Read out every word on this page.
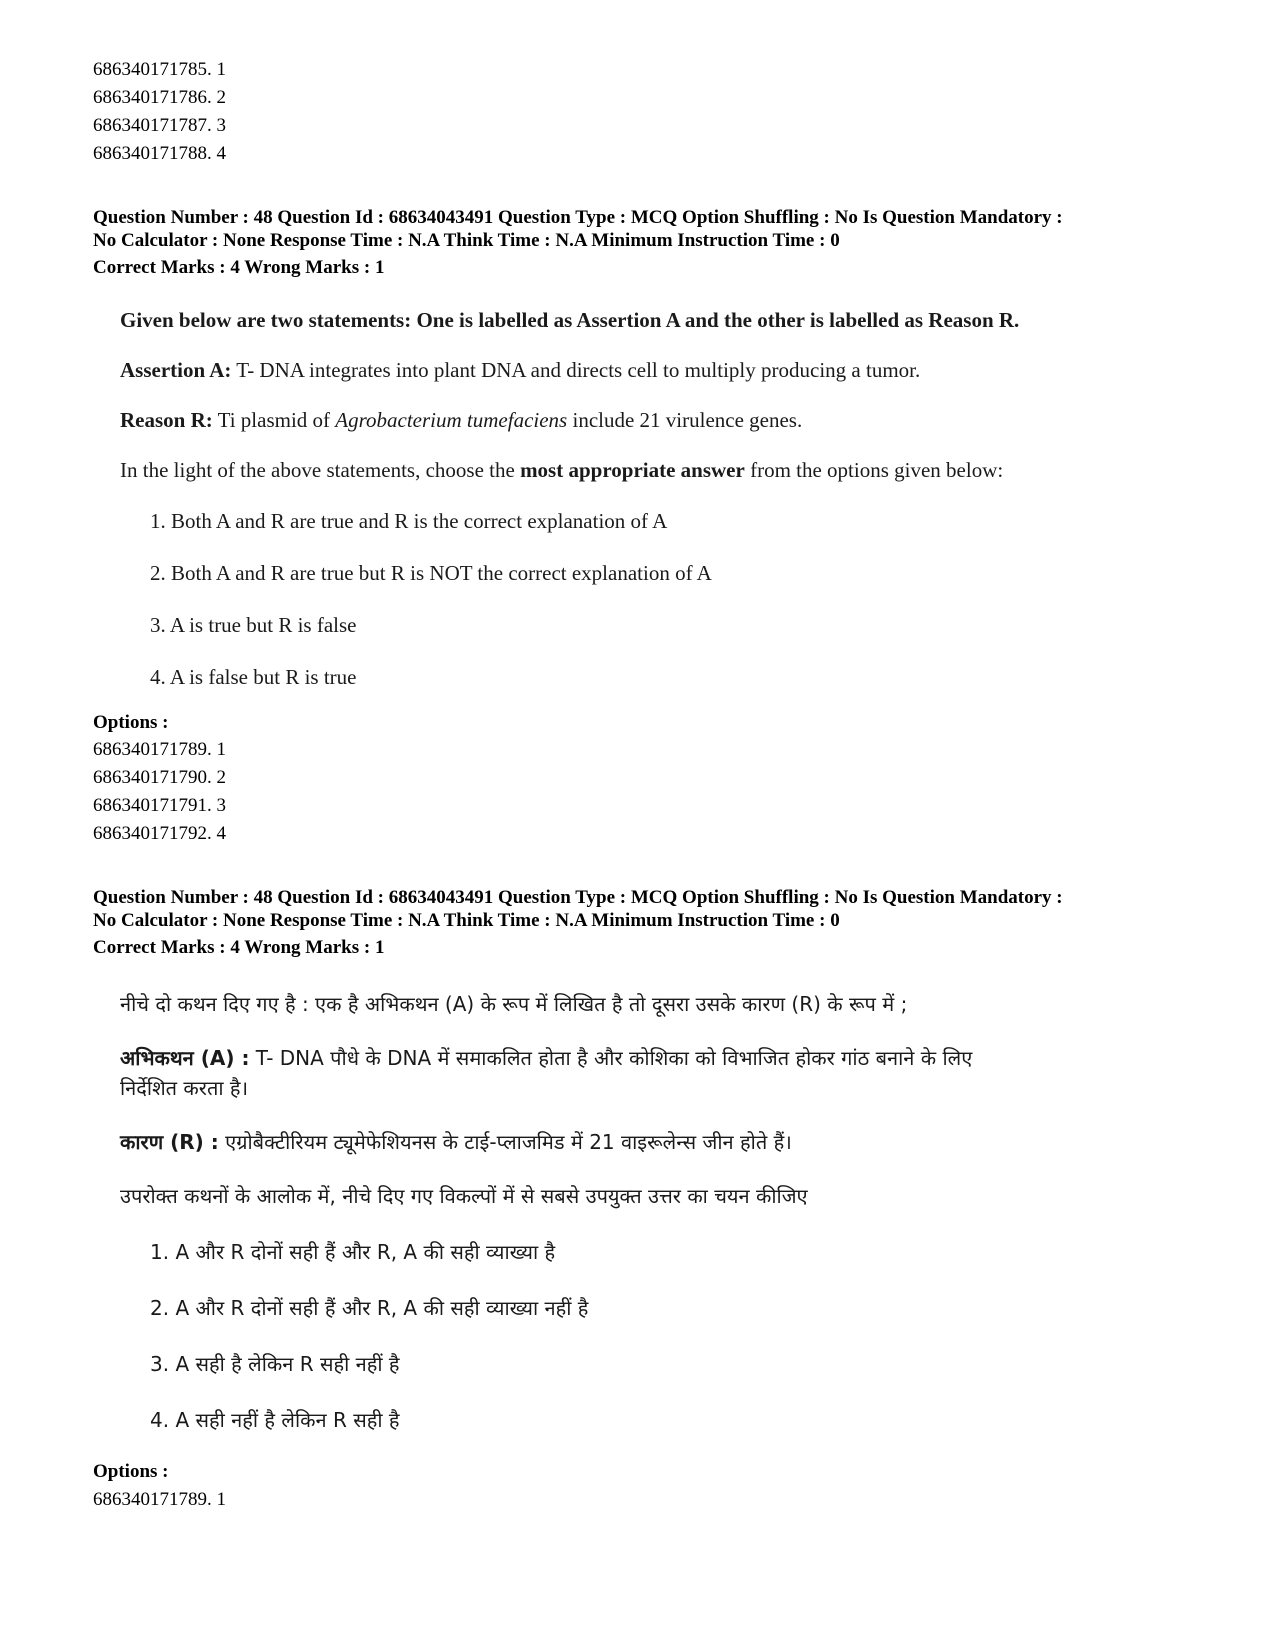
686340171785. 1
686340171786. 2
686340171787. 3
686340171788. 4
Question Number : 48 Question Id : 68634043491 Question Type : MCQ Option Shuffling : No Is Question Mandatory :
No Calculator : None Response Time : N.A Think Time : N.A Minimum Instruction Time : 0
Correct Marks : 4 Wrong Marks : 1
Given below are two statements: One is labelled as Assertion A and the other is labelled as Reason R.
Assertion A: T- DNA integrates into plant DNA and directs cell to multiply producing a tumor.
Reason R: Ti plasmid of Agrobacterium tumefaciens include 21 virulence genes.
In the light of the above statements, choose the most appropriate answer from the options given below:
1. Both A and R are true and R is the correct explanation of A
2. Both A and R are true but R is NOT the correct explanation of A
3. A is true but R is false
4. A is false but R is true
Options :
686340171789. 1
686340171790. 2
686340171791. 3
686340171792. 4
Question Number : 48 Question Id : 68634043491 Question Type : MCQ Option Shuffling : No Is Question Mandatory :
No Calculator : None Response Time : N.A Think Time : N.A Minimum Instruction Time : 0
Correct Marks : 4 Wrong Marks : 1
नीचे दो कथन दिए गए है : एक है अभिकथन (A) के रूप में लिखित है तो दूसरा उसके कारण (R) के रूप में ;
अभिकथन (A) : T- DNA पौधे के DNA में समाकलित होता है और कोशिका को विभाजित होकर गांठ बनाने के लिए
निर्देशित करता है।
कारण (R) : एग्रोबैक्टीरियम ट्यूमेफेशियनस के टाई-प्लाजमिड में 21 वाइरूलेन्स जीन होते हैं।
उपरोक्त कथनों के आलोक में, नीचे दिए गए विकल्पों में से सबसे उपयुक्त उत्तर का चयन कीजिए
1. A और R दोनों सही हैं और R, A की सही व्याख्या है
2. A और R दोनों सही हैं और R, A की सही व्याख्या नहीं है
3. A सही है लेकिन R सही नहीं है
4. A सही नहीं है लेकिन R सही है
Options :
686340171789. 1
